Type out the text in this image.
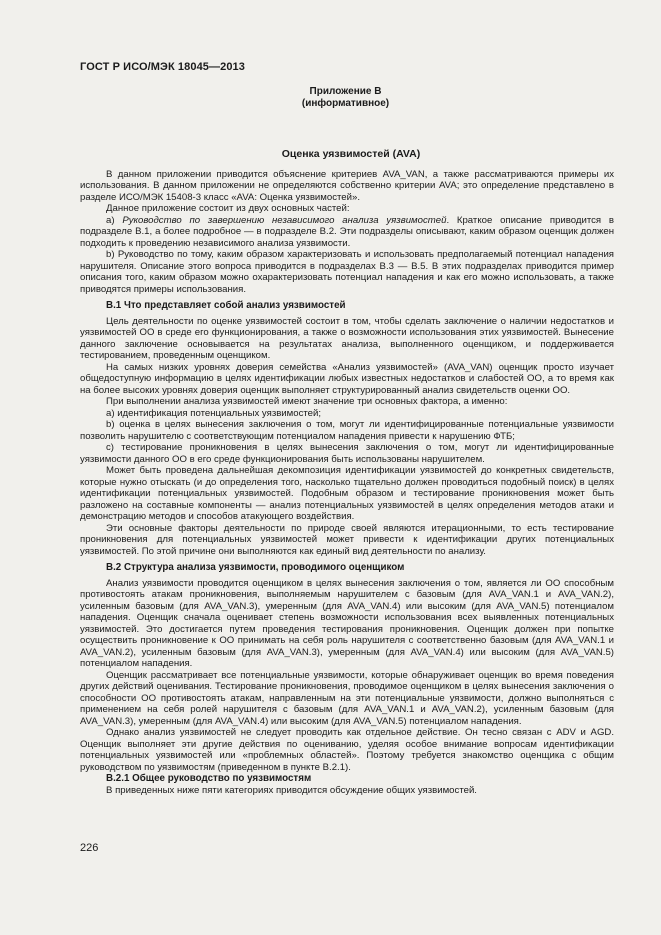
ГОСТ Р ИСО/МЭК 18045—2013
Приложение В
(информативное)
Оценка уязвимостей (AVA)

В данном приложении приводится объяснение критериев AVA_VAN, а также рассматриваются примеры их использования. В данном приложении не определяются собственно критерии AVA; это определение представлено в разделе ИСО/МЭК 15408-3 класс «AVA: Оценка уязвимостей».

Данное приложение состоит из двух основных частей:

а) Руководство по завершению независимого анализа уязвимостей. Краткое описание приводится в подразделе В.1, а более подробное — в подразделе В.2. Эти подразделы описывают, каким образом оценщик должен подходить к проведению независимого анализа уязвимости.

b) Руководство по тому, каким образом характеризовать и использовать предполагаемый потенциал нападения нарушителя. Описание этого вопроса приводится в подразделах В.3 — В.5. В этих подразделах приводится пример описания того, каким образом можно охарактеризовать потенциал нападения и как его можно использовать, а также приводятся примеры использования.

В.1 Что представляет собой анализ уязвимостей

Цель деятельности по оценке уязвимостей состоит в том, чтобы сделать заключение о наличии недостатков и уязвимостей ОО в среде его функционирования, а также о возможности использования этих уязвимостей. Вынесение данного заключение основывается на результатах анализа, выполненного оценщиком, и поддерживается тестированием, проведенным оценщиком.

На самых низких уровнях доверия семейства «Анализ уязвимостей» (AVA_VAN) оценщик просто изучает общедоступную информацию в целях идентификации любых известных недостатков и слабостей ОО, а то время как на более высоких уровнях доверия оценщик выполняет структурированный анализ свидетельств оценки ОО.

При выполнении анализа уязвимостей имеют значение три основных фактора, а именно:

а) идентификация потенциальных уязвимостей;

b) оценка в целях вынесения заключения о том, могут ли идентифицированные потенциальные уязвимости позволить нарушителю с соответствующим потенциалом нападения привести к нарушению ФТБ;

с) тестирование проникновения в целях вынесения заключения о том, могут ли идентифицированные уязвимости данного ОО в его среде функционирования быть использованы нарушителем.

Может быть проведена дальнейшая декомпозиция идентификации уязвимостей до конкретных свидетельств, которые нужно отыскать (и до определения того, насколько тщательно должен проводиться подобный поиск) в целях идентификации потенциальных уязвимостей. Подобным образом и тестирование проникновения может быть разложено на составные компоненты — анализ потенциальных уязвимостей в целях определения методов атаки и демонстрацию методов и способов атакующего воздействия.

Эти основные факторы деятельности по природе своей являются итерационными, то есть тестирование проникновения для потенциальных уязвимостей может привести к идентификации других потенциальных уязвимостей. По этой причине они выполняются как единый вид деятельности по анализу.

В.2 Структура анализа уязвимости, проводимого оценщиком

Анализ уязвимости проводится оценщиком в целях вынесения заключения о том, является ли ОО способным противостоять атакам проникновения, выполняемым нарушителем с базовым (для AVA_VAN.1 и AVA_VAN.2), усиленным базовым (для AVA_VAN.3), умеренным (для AVA_VAN.4) или высоким (для AVA_VAN.5) потенциалом нападения. Оценщик сначала оценивает степень возможности использования всех выявленных потенциальных уязвимостей. Это достигается путем проведения тестирования проникновения. Оценщик должен при попытке осуществить проникновение к ОО принимать на себя роль нарушителя с соответственно базовым (для AVA_VAN.1 и AVA_VAN.2), усиленным базовым (для AVA_VAN.3), умеренным (для AVA_VAN.4) или высоким (для AVA_VAN.5) потенциалом нападения.

Оценщик рассматривает все потенциальные уязвимости, которые обнаруживает оценщик во время поведения других действий оценивания. Тестирование проникновения, проводимое оценщиком в целях вынесения заключения о способности ОО противостоять атакам, направленным на эти потенциальные уязвимости, должно выполняться с применением на себя ролей нарушителя с базовым (для AVA_VAN.1 и AVA_VAN.2), усиленным базовым (для AVA_VAN.3), умеренным (для AVA_VAN.4) или высоким (для AVA_VAN.5) потенциалом нападения.

Однако анализ уязвимостей не следует проводить как отдельное действие. Он тесно связан с ADV и AGD. Оценщик выполняет эти другие действия по оцениванию, уделяя особое внимание вопросам идентификации потенциальных уязвимостей или «проблемных областей». Поэтому требуется знакомство оценщика с общим руководством по уязвимостям (приведенном в пункте В.2.1).

В.2.1 Общее руководство по уязвимостям

В приведенных ниже пяти категориях приводится обсуждение общих уязвимостей.

226
